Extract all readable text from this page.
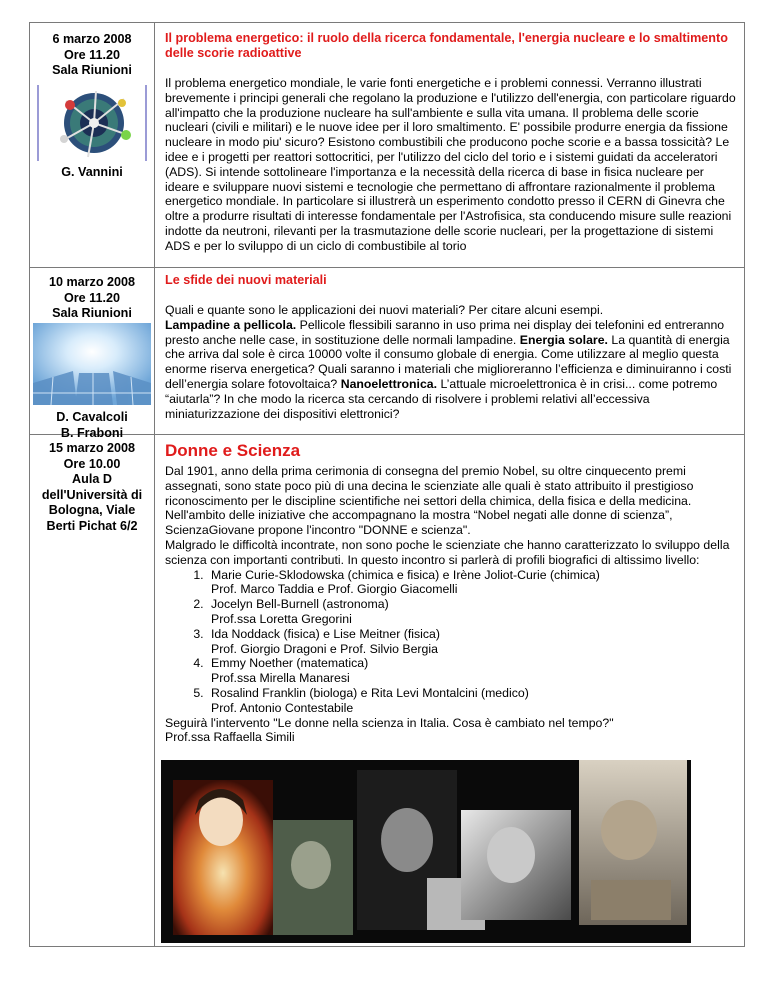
6 marzo 2008
Ore 11.20
Sala Riunioni
G. Vannini
Il problema energetico: il ruolo della ricerca fondamentale, l'energia nucleare e lo smaltimento delle scorie radioattive

Il problema energetico mondiale, le varie fonti energetiche e i problemi connessi. Verranno illustrati brevemente i principi generali che regolano la produzione e l'utilizzo dell'energia, con particolare riguardo all'impatto che la produzione nucleare ha sull'ambiente e sulla vita umana. Il problema delle scorie nucleari (civili e militari) e le nuove idee per il loro smaltimento. E' possibile produrre energia da fissione nucleare in modo piu' sicuro? Esistono combustibili che producono poche scorie e a bassa tossicità? Le idee e i progetti per reattori sottocritici, per l'utilizzo del ciclo del torio e i sistemi guidati da acceleratori (ADS). Si intende sottolineare l'importanza e la necessità della ricerca di base in fisica nucleare per ideare e sviluppare nuovi sistemi e tecnologie che permettano di affrontare razionalmente il problema energetico mondiale. In particolare si illustrerà un esperimento condotto presso il CERN di Ginevra che oltre a produrre risultati di interesse fondamentale per l'Astrofisica, sta conducendo misure sulle reazioni indotte da neutroni, rilevanti per la trasmutazione delle scorie nucleari, per la progettazione di sistemi ADS e per lo sviluppo di un ciclo di combustibile al torio

10 marzo 2008
Ore 11.20
Sala Riunioni
D. Cavalcoli
B. Fraboni
Le sfide dei nuovi materiali

Quali e quante sono le applicazioni dei nuovi materiali? Per citare alcuni esempi.
Lampadine a pellicola. Pellicole flessibili saranno in uso prima nei display dei telefonini ed entreranno presto anche nelle case, in sostituzione delle normali lampadine. Energia solare. La quantità di energia che arriva dal sole è circa 10000 volte il consumo globale di energia. Come utilizzare al meglio questa enorme riserva energetica? Quali saranno i materiali che miglioreranno l’efficienza e diminuiranno i costi dell’energia solare fotovoltaica? Nanoelettronica. L’attuale microelettronica è in crisi... come potremo “aiutarla”? In che modo la ricerca sta cercando di risolvere i problemi relativi all’eccessiva miniaturizzazione dei dispositivi elettronici?

15 marzo 2008
Ore 10.00
Aula D
dell'Università di
Bologna, Viale
Berti Pichat 6/2
Donne e Scienza

Dal 1901, anno della prima cerimonia di consegna del premio Nobel, su oltre cinquecento premi assegnati, sono state poco più di una decina le scienziate alle quali è stato attribuito il prestigioso riconoscimento per le discipline scientifiche nei settori della chimica, della fisica e della medicina. Nell'ambito delle iniziative che accompagnano la mostra “Nobel negati alle donne di scienza”, ScienzaGiovane propone l'incontro "DONNE e scienza".

Malgrado le difficoltà incontrate, non sono poche le scienziate che hanno caratterizzato lo sviluppo della scienza con importanti contributi. In questo incontro si parlerà di profili biografici di altissimo livello:

1. Marie Curie-Sklodowska (chimica e fisica) e Irène Joliot-Curie (chimica)
Prof. Marco Taddia e Prof. Giorgio Giacomelli
2. Jocelyn Bell-Burnell (astronoma)
Prof.ssa Loretta Gregorini
3. Ida Noddack (fisica) e Lise Meitner (fisica)
Prof. Giorgio Dragoni e Prof. Silvio Bergia
4. Emmy Noether (matematica)
Prof.ssa Mirella Manaresi
5. Rosalind Franklin (biologa) e Rita Levi Montalcini (medico)
Prof. Antonio Contestabile

Seguirà l'intervento "Le donne nella scienza in Italia. Cosa è cambiato nel tempo?"

Prof.ssa Raffaella Simili
